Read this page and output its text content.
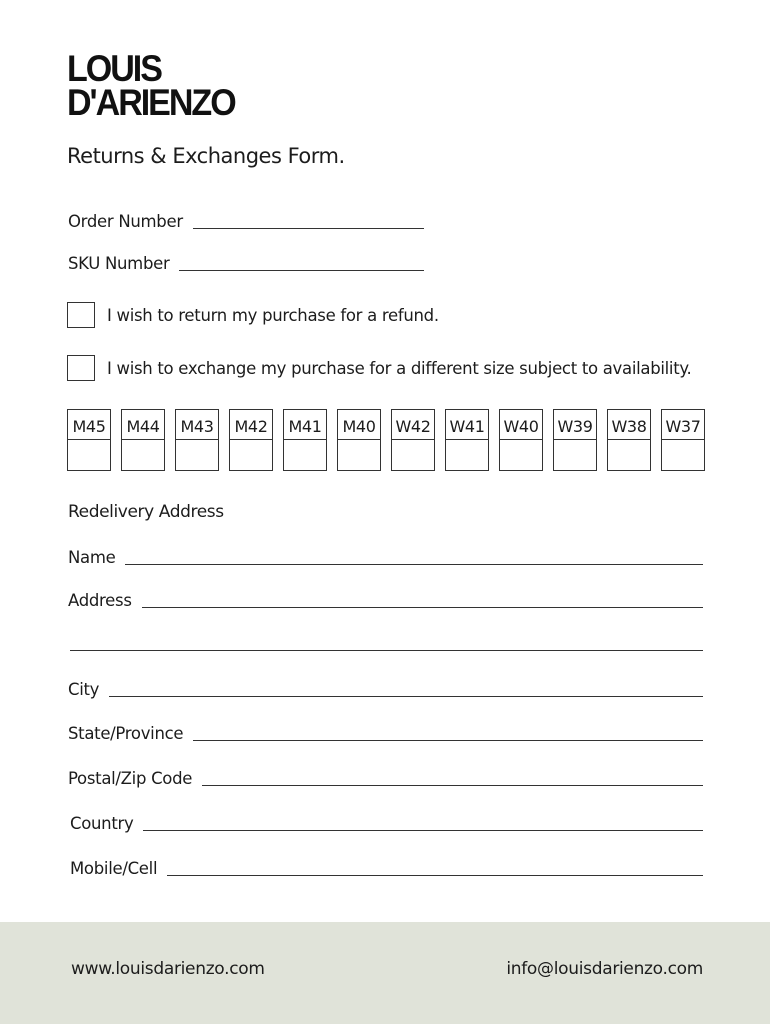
LOUIS
D'ARIENZO
Returns & Exchanges Form.
Order Number
SKU Number
I wish to return my purchase for a refund.
I wish to exchange my purchase for a different size subject to availability.
M45	M44	M43	M42	M41	M40	W42 W41 W40 W39 W38 W37
Redelivery Address
Name
Address
City
State/Province
Postal/Zip Code
Country
Mobile/Cell
www.louisdarienzo.com	info@louisdarienzo.com
